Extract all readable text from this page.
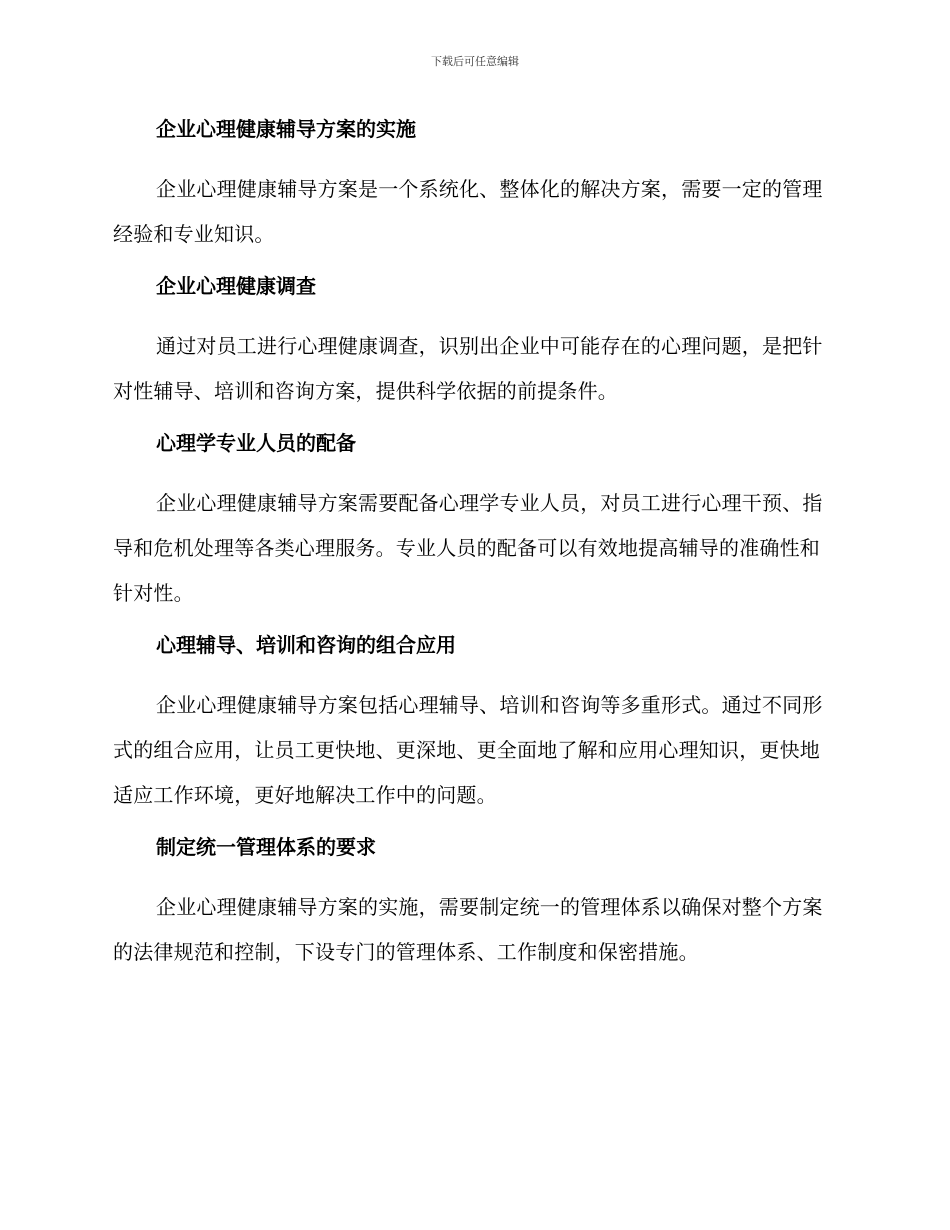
下载后可任意编辑
企业心理健康辅导方案的实施

企业心理健康辅导方案是一个系统化、整体化的解决方案，需要一定的管理经验和专业知识。

企业心理健康调查

通过对员工进行心理健康调查，识别出企业中可能存在的心理问题，是把针对性辅导、培训和咨询方案，提供科学依据的前提条件。

心理学专业人员的配备

企业心理健康辅导方案需要配备心理学专业人员，对员工进行心理干预、指导和危机处理等各类心理服务。专业人员的配备可以有效地提高辅导的准确性和针对性。

心理辅导、培训和咨询的组合应用

企业心理健康辅导方案包括心理辅导、培训和咨询等多重形式。通过不同形式的组合应用，让员工更快地、更深地、更全面地了解和应用心理知识，更快地适应工作环境，更好地解决工作中的问题。

制定统一管理体系的要求

企业心理健康辅导方案的实施，需要制定统一的管理体系以确保对整个方案的法律规范和控制，下设专门的管理体系、工作制度和保密措施。
